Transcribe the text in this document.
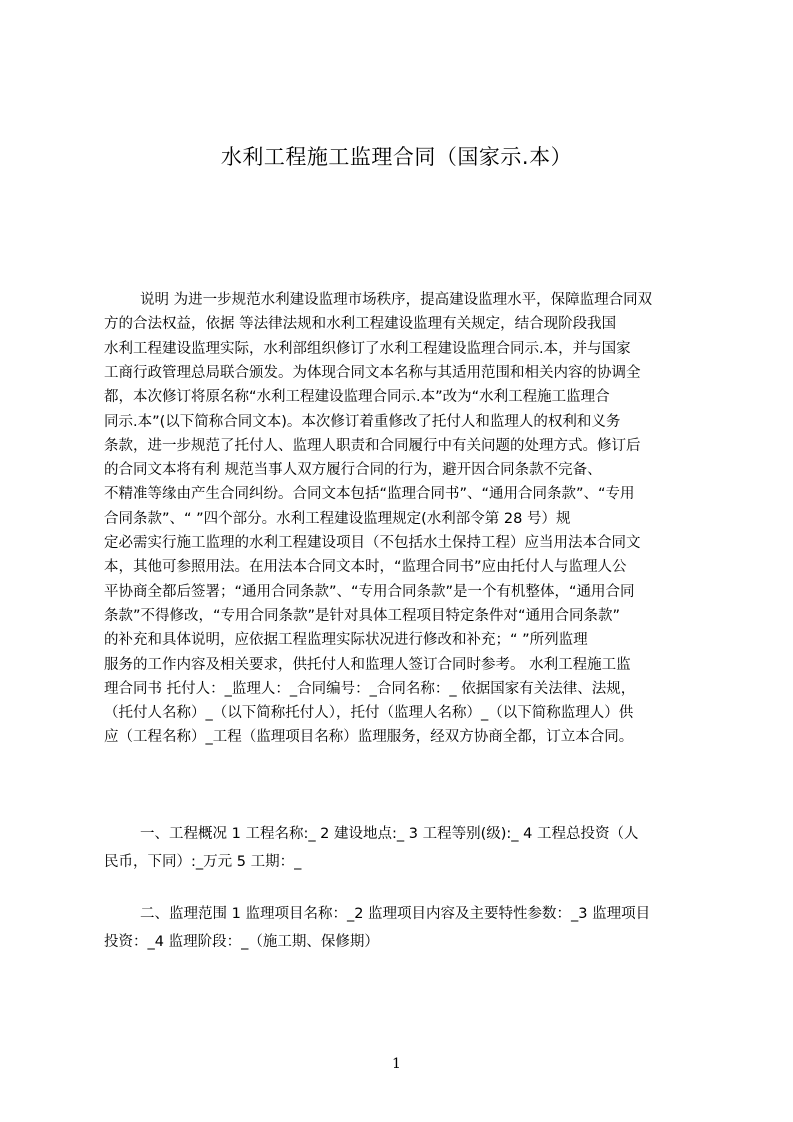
水利工程施工监理合同（国家示.本）
说明 为进一步规范水利建设监理市场秩序，提高建设监理水平，保障监理合同双
方的合法权益，依据 等法律法规和水利工程建设监理有关规定，结合现阶段我国
水利工程建设监理实际，水利部组织修订了水利工程建设监理合同示.本，并与国家
工商行政管理总局联合颁发。为体现合同文本名称与其适用范围和相关内容的协调全
都，本次修订将原名称“水利工程建设监理合同示.本”改为“水利工程施工监理合
同示.本”(以下简称合同文本)。本次修订着重修改了托付人和监理人的权利和义务
条款，进一步规范了托付人、监理人职责和合同履行中有关问题的处理方式。修订后
的合同文本将有利 规范当事人双方履行合同的行为，避开因合同条款不完备、
不精准等缘由产生合同纠纷。合同文本包括“监理合同书”、“通用合同条款”、“专用
合同条款”、“ ”四个部分。水利工程建设监理规定(水利部令第 28 号）规
定必需实行施工监理的水利工程建设项目（不包括水土保持工程）应当用法本合同文
本，其他可参照用法。在用法本合同文本时，“监理合同书”应由托付人与监理人公
平协商全都后签署；“通用合同条款”、“专用合同条款”是一个有机整体，“通用合同
条款”不得修改，“专用合同条款”是针对具体工程项目特定条件对“通用合同条款”
的补充和具体说明，应依据工程监理实际状况进行修改和补充；“ ”所列监理
服务的工作内容及相关要求，供托付人和监理人签订合同时参考。 水利工程施工监
理合同书 托付人：_监理人：_合同编号：_合同名称：_ 依据国家有关法律、法规，
（托付人名称）_（以下简称托付人），托付（监理人名称）_（以下简称监理人）供
应（工程名称）_工程（监理项目名称）监理服务，经双方协商全都，订立本合同。
一、工程概况 1 工程名称:_ 2 建设地点:_ 3 工程等别(级):_ 4 工程总投资（人
民币，下同）:_万元 5 工期：_
二、监理范围 1 监理项目名称：_2 监理项目内容及主要特性参数：_3 监理项目
投资：_4 监理阶段：_（施工期、保修期）
1
